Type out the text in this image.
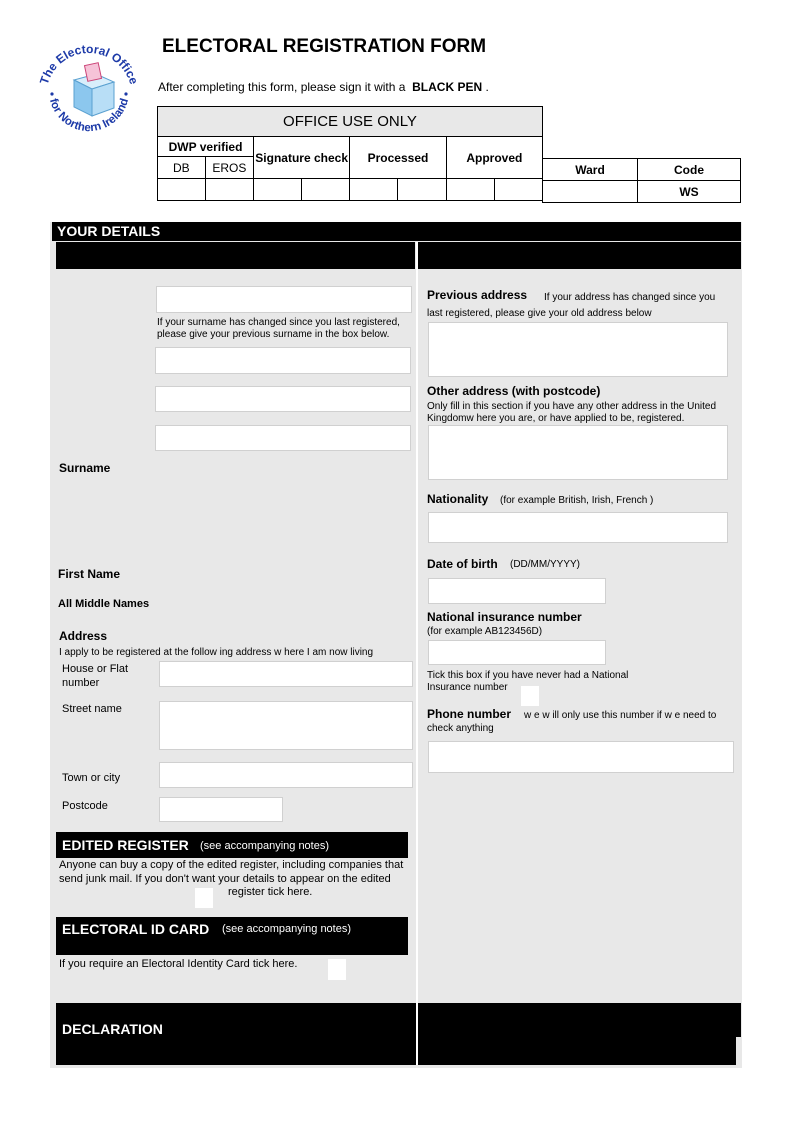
The Electoral Office
for Northern Ireland
ELECTORAL REGISTRATION FORM
After completing this form, please sign it with a BLACK PEN .
OFFICE USE ONLY							
DWP verified		Signature check		Processed		Approved	
DB	EROS						
								Ward	Code
	WS
YOUR DETAILS
If your surname has changed since you last registered, please give your previous surname in the box below.
Surname
First Name
All Middle Names
Address
I apply to be registered at the follow ing address w here I am now living
House or Flat number
Street name
Town or city
Postcode
EDITED REGISTER (see accompanying notes)
Anyone can buy a copy of the edited register, including companies that send junk mail. If you don't want your details to appear on the edited
register tick here.
ELECTORAL ID CARD (see accompanying notes)
If you require an Electoral Identity Card tick here.
DECLARATION
Previous address	If your address has changed since you last registered, please give your old address below
Other address (with postcode)
Only fill in this section if you have any other address in the United Kingdomw here you are, or have applied to be, registered.
Nationality (for example British, Irish, French )
Date of birth (DD/MM/YYYY)
National insurance number
(for example AB123456D)
Tick this box if you have never had a National Insurance number
Phone number	w e w ill only use this number if w e need to check anything
